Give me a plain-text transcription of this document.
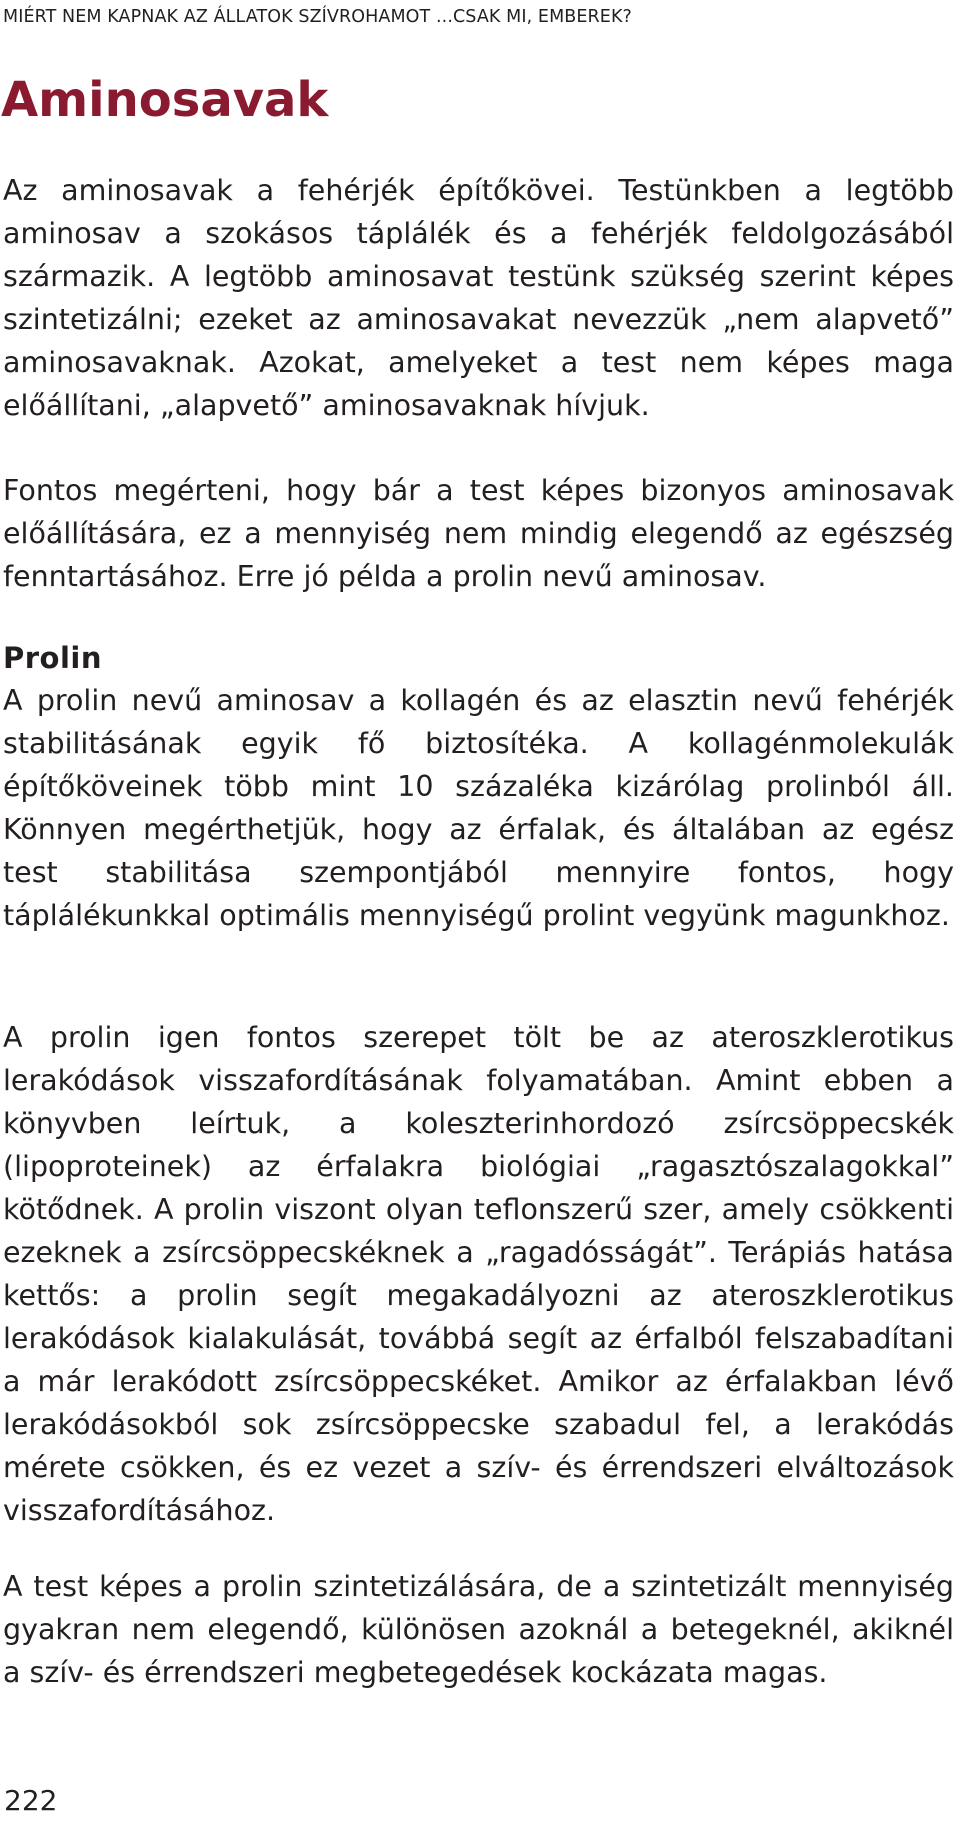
MIÉRT NEM KAPNAK AZ ÁLLATOK SZÍVROHAMOT ...CSAK MI, EMBEREK?
Aminosavak

Az aminosavak a fehérjék építőkövei. Testünkben a legtöbb aminosav a szokásos táplálék és a fehérjék feldolgozásából származik. A legtöbb aminosavat testünk szükség szerint képes szintetizálni; ezeket az aminosavakat nevezzük „nem alapvető” aminosavaknak. Azokat, amelyeket a test nem képes maga előállítani, „alapvető” aminosavaknak hívjuk.

Fontos megérteni, hogy bár a test képes bizonyos aminosavak előállítására, ez a mennyiség nem mindig elegendő az egészség fenntartásához. Erre jó példa a prolin nevű aminosav.

Prolin

A prolin nevű aminosav a kollagén és az elasztin nevű fehérjék stabilitásának egyik fő biztosítéka. A kollagénmolekulák építőköveinek több mint 10 százaléka kizárólag prolinból áll. Könnyen megérthetjük, hogy az érfalak, és általában az egész test stabilitása szempontjából mennyire fontos, hogy táplálékunkkal optimális mennyiségű prolint vegyünk magunkhoz.

A prolin igen fontos szerepet tölt be az ateroszklerotikus lerakódások visszafordításának folyamatában. Amint ebben a könyvben leírtuk, a koleszterinhordozó zsírcsöppecskék (lipoproteinek) az érfalakra biológiai „ragasztószalagokkal” kötődnek. A prolin viszont olyan teflonszerű szer, amely csökkenti ezeknek a zsírcsöppecskéknek a „ragadósságát”. Terápiás hatása kettős: a prolin segít megakadályozni az ateroszklerotikus lerakódások kialakulását, továbbá segít az érfalból felszabadítani a már lerakódott zsírcsöppecskéket. Amikor az érfalakban lévő lerakódásokból sok zsírcsöppecske szabadul fel, a lerakódás mérete csökken, és ez vezet a szív- és érrendszeri elváltozások visszafordításához.

A test képes a prolin szintetizálására, de a szintetizált mennyiség gyakran nem elegendő, különösen azoknál a betegeknél, akiknél a szív- és érrendszeri megbetegedések kockázata magas.

222
